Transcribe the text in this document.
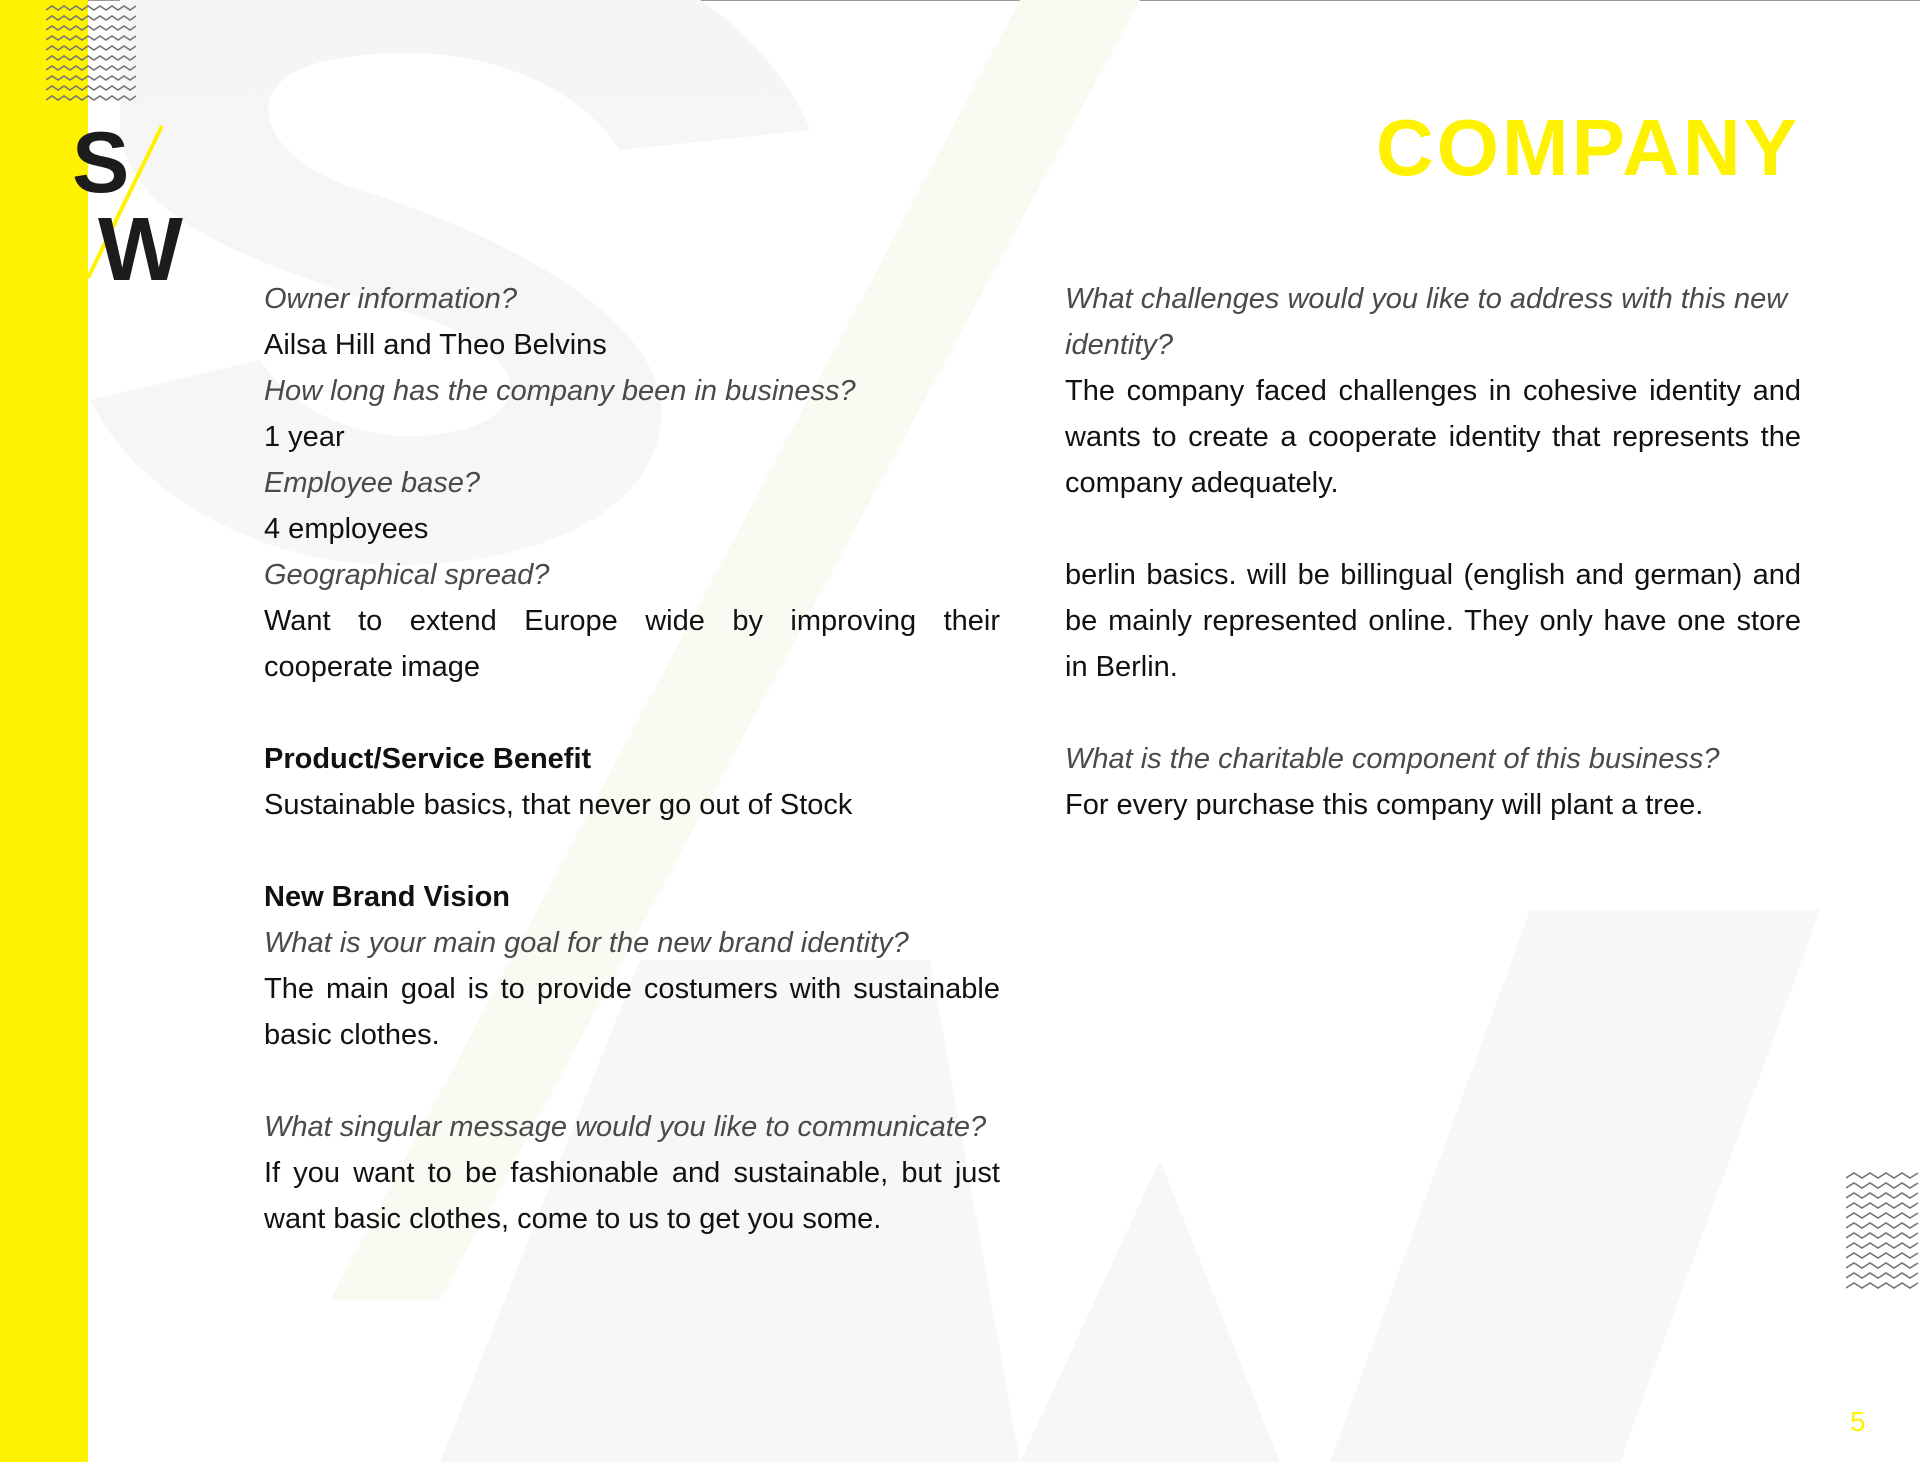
S
W
COMPANY

Owner information?

Ailsa Hill and Theo Belvins

How long has the company been in business?

1 year

Employee base?

4 employees

Geographical spread?

Want to extend Europe wide by improving their cooperate image

Product/Service Benefit

Sustainable basics, that never go out of Stock

New Brand Vision

What is your main goal for the new brand identity?

The main goal is to provide costumers with sustainable basic clothes.

What singular message would you like to communicate?

If you want to be fashionable and sustainable, but just want basic clothes, come to us to get you some.

What challenges would you like to address with this new identity?

The company faced challenges in cohesive identity and wants to create a cooperate identity that represents the company adequately.

berlin basics. will be billingual (english and german) and be mainly represented online. They only have one store in Berlin.

What is the charitable component of this business?

For every purchase this company will plant a tree.

5
